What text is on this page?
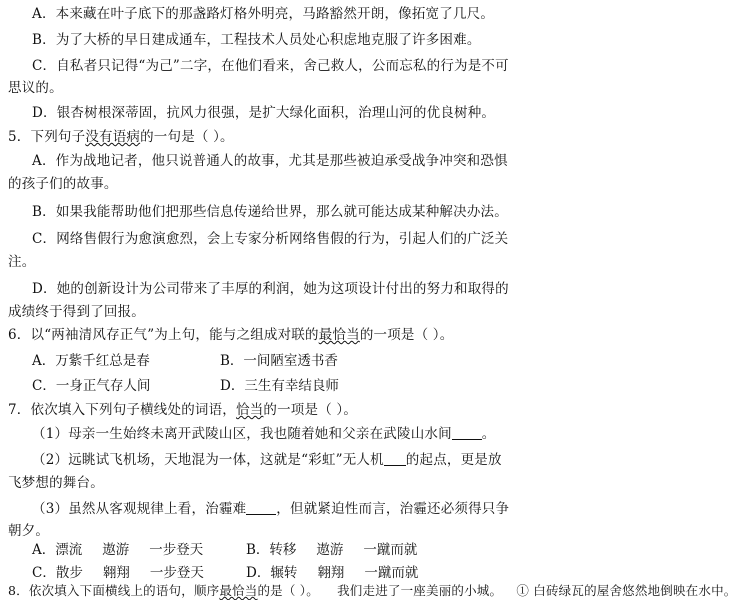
A．本来藏在叶子底下的那盏路灯格外明亮，马路豁然开朗，像拓宽了几尺。
B．为了大桥的早日建成通车，工程技术人员处心积虑地克服了许多困难。
C．自私者只记得“为己”二字，在他们看来，舍己救人，公而忘私的行为是不可
思议的。
D．银杏树根深蒂固，抗风力很强，是扩大绿化面积，治理山河的优良树种。
5．下列句子没有语病的一句是（ ）。
A．作为战地记者，他只说普通人的故事，尤其是那些被迫承受战争冲突和恐惧
的孩子们的故事。
B．如果我能帮助他们把那些信息传递给世界，那么就可能达成某种解决办法。
C．网络售假行为愈演愈烈，会上专家分析网络售假的行为，引起人们的广泛关
注。
D．她的创新设计为公司带来了丰厚的利润，她为这项设计付出的努力和取得的
成绩终于得到了回报。
6．以“两袖清风存正气”为上句，能与之组成对联的最恰当的一项是（ ）。
A．万紫千红总是春	B．一间陋室透书香
C．一身正气存人间	D．三生有幸结良师
7．依次填入下列句子横线处的词语，恰当的一项是（ ）。
（1）母亲一生始终未离开武陵山区，我也随着她和父亲在武陵山水间 。
（2）远眺试飞机场，天地混为一体，这就是“彩虹”无人机 的起点，更是放
飞梦想的舞台。
（3）虽然从客观规律上看，治霾难 ，但就紧迫性而言，治霾还必须得只争
朝夕。
A．漂流 遨游 一步登天	B．转移 遨游 一蹴而就
C．散步 翱翔 一步登天	D．辗转 翱翔 一蹴而就
8．依次填入下面横线上的语句，顺序最恰当的是（ ）。 我们走进了一座美丽的小城。 ① 白砖绿瓦的屋舍悠然地倒映在水中。
